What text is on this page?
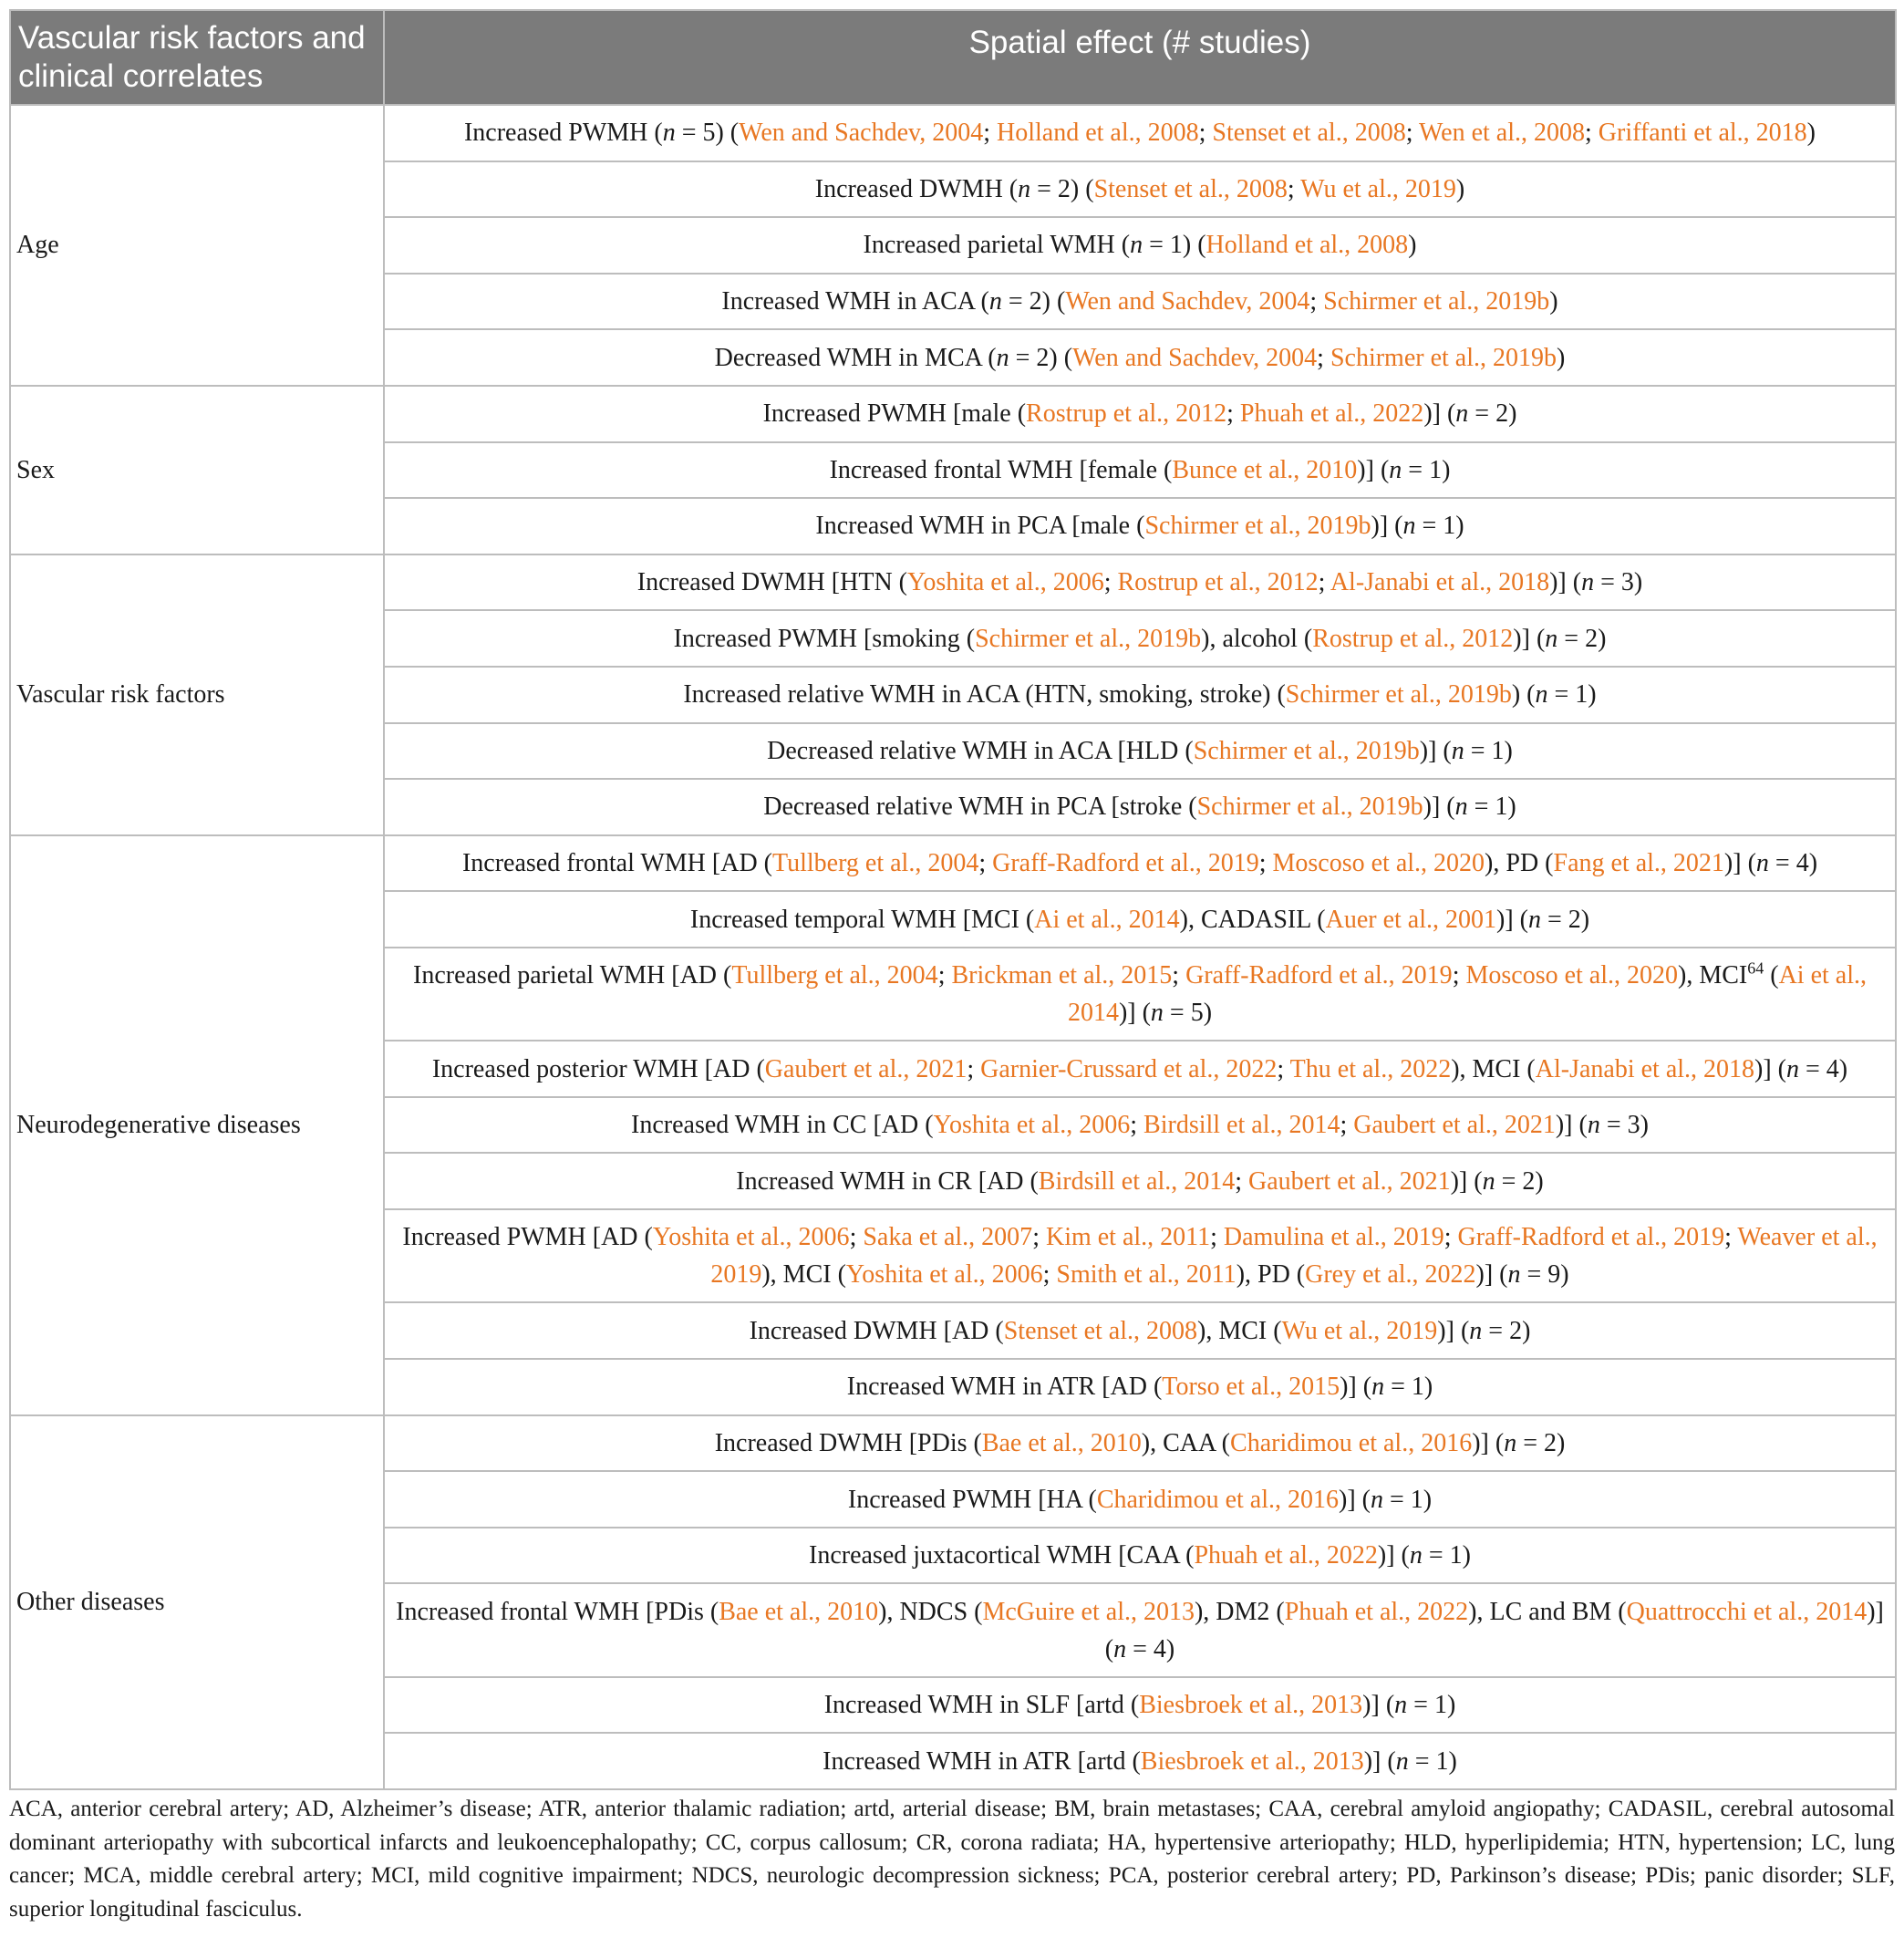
Vascular risk factors and clinical correlates	Spatial effect (# studies)
Age	Increased PWMH (n = 5) (Wen and Sachdev, 2004; Holland et al., 2008; Stenset et al., 2008; Wen et al., 2008; Griffanti et al., 2018)
	Increased DWMH (n = 2) (Stenset et al., 2008; Wu et al., 2019)
	Increased parietal WMH (n = 1) (Holland et al., 2008)
	Increased WMH in ACA (n = 2) (Wen and Sachdev, 2004; Schirmer et al., 2019b)
	Decreased WMH in MCA (n = 2) (Wen and Sachdev, 2004; Schirmer et al., 2019b)
Sex	Increased PWMH [male (Rostrup et al., 2012; Phuah et al., 2022)] (n = 2)
	Increased frontal WMH [female (Bunce et al., 2010)] (n = 1)
	Increased WMH in PCA [male (Schirmer et al., 2019b)] (n = 1)
Vascular risk factors	Increased DWMH [HTN (Yoshita et al., 2006; Rostrup et al., 2012; Al-Janabi et al., 2018)] (n = 3)
	Increased PWMH [smoking (Schirmer et al., 2019b), alcohol (Rostrup et al., 2012)] (n = 2)
	Increased relative WMH in ACA (HTN, smoking, stroke) (Schirmer et al., 2019b) (n = 1)
	Decreased relative WMH in ACA [HLD (Schirmer et al., 2019b)] (n = 1)
	Decreased relative WMH in PCA [stroke (Schirmer et al., 2019b)] (n = 1)
Neurodegenerative diseases	Increased frontal WMH [AD (Tullberg et al., 2004; Graff-Radford et al., 2019; Moscoso et al., 2020), PD (Fang et al., 2021)] (n = 4)
	Increased temporal WMH [MCI (Ai et al., 2014), CADASIL (Auer et al., 2001)] (n = 2)
	Increased parietal WMH [AD (Tullberg et al., 2004; Brickman et al., 2015; Graff-Radford et al., 2019; Moscoso et al., 2020), MCI$^{64}$ (Ai et al., 2014)] (n = 5)
	Increased posterior WMH [AD (Gaubert et al., 2021; Garnier-Crussard et al., 2022; Thu et al., 2022), MCI (Al-Janabi et al., 2018)] (n = 4)
	Increased WMH in CC [AD (Yoshita et al., 2006; Birdsill et al., 2014; Gaubert et al., 2021)] (n = 3)
	Increased WMH in CR [AD (Birdsill et al., 2014; Gaubert et al., 2021)] (n = 2)
	Increased PWMH [AD (Yoshita et al., 2006; Saka et al., 2007; Kim et al., 2011; Damulina et al., 2019; Graff-Radford et al., 2019; Weaver et al., 2019), MCI (Yoshita et al., 2006; Smith et al., 2011), PD (Grey et al., 2022)] (n = 9)
	Increased DWMH [AD (Stenset et al., 2008), MCI (Wu et al., 2019)] (n = 2)
	Increased WMH in ATR [AD (Torso et al., 2015)] (n = 1)
Other diseases	Increased DWMH [PDis (Bae et al., 2010), CAA (Charidimou et al., 2016)] (n = 2)
	Increased PWMH [HA (Charidimou et al., 2016)] (n = 1)
	Increased juxtacortical WMH [CAA (Phuah et al., 2022)] (n = 1)
	Increased frontal WMH [PDis (Bae et al., 2010), NDCS (McGuire et al., 2013), DM2 (Phuah et al., 2022), LC and BM (Quattrocchi et al., 2014)] (n = 4)
	Increased WMH in SLF [artd (Biesbroek et al., 2013)] (n = 1)
	Increased WMH in ATR [artd (Biesbroek et al., 2013)] (n = 1)
ACA, anterior cerebral artery; AD, Alzheimer’s disease; ATR, anterior thalamic radiation; artd, arterial disease; BM, brain metastases; CAA, cerebral amyloid angiopathy; CADASIL, cerebral autosomal dominant arteriopathy with subcortical infarcts and leukoencephalopathy; CC, corpus callosum; CR, corona radiata; HA, hypertensive arteriopathy; HLD, hyperlipidemia; HTN, hypertension; LC, lung cancer; MCA, middle cerebral artery; MCI, mild cognitive impairment; NDCS, neurologic decompression sickness; PCA, posterior cerebral artery; PD, Parkinson’s disease; PDis; panic disorder; SLF, superior longitudinal fasciculus.
